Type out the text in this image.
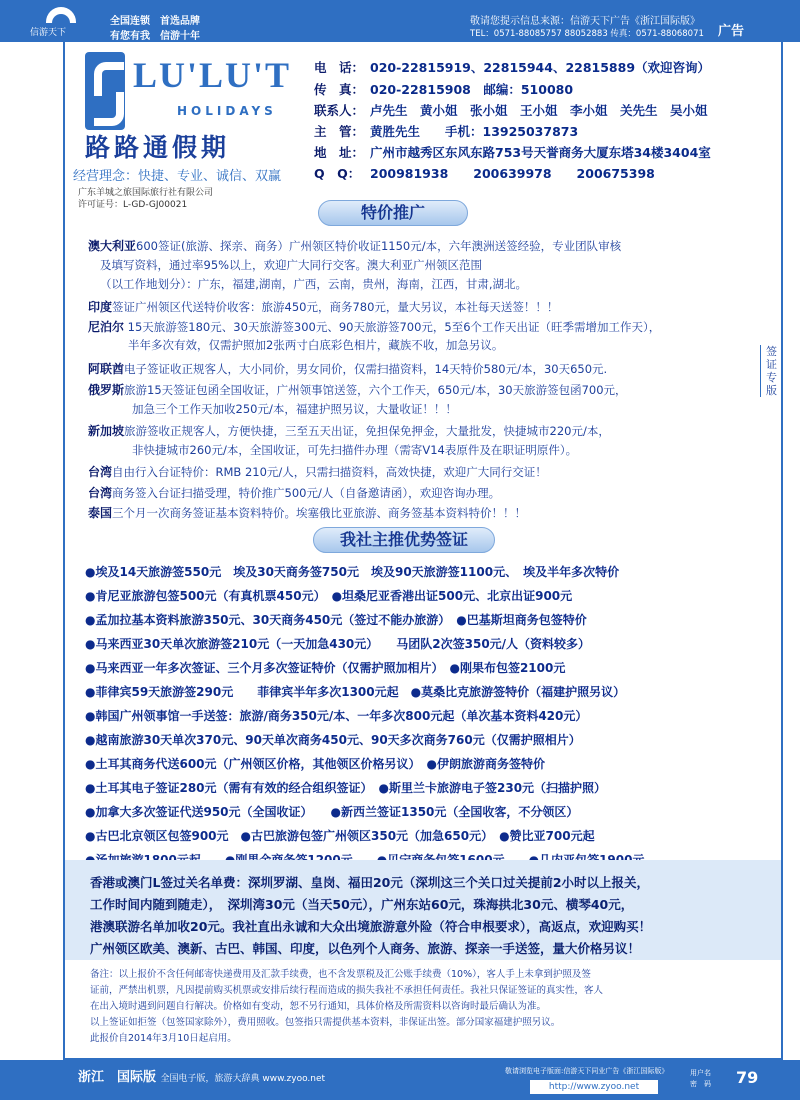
信游天下
全国连锁　首选品牌
有您有我　信游十年
敬请您提示信息来源：信游天下广告《浙江国际版》
TEL：0571-88085757 88052883 传真：0571-88068071 广告
LU'LU'T
HOLIDAYS
路路通假期
经营理念：快捷、专业、诚信、双赢
广东羊城之旅国际旅行社有限公司
许可证号：L-GD-GJ00021
电　话： 020-22815919、22815944、22815889（欢迎咨询）
传　真： 020-22815908　邮编：510080
联系人： 卢先生　黄小姐　张小姐　王小姐　李小姐　关先生　吴小姐
主　管： 黄胜先生　　手机：13925037873
地　址： 广州市越秀区东风东路753号天誉商务大厦东塔34楼3404室
Q　Q： 200981938　　200639978　　200675398
特价推广
澳大利亚600签证(旅游、探亲、商务）广州领区特价收证1150元/本，六年澳洲送签经验，专业团队审核
及填写资料，通过率95%以上，欢迎广大同行交客。澳大利亚广州领区范围
（以工作地划分）：广东，福建,湖南，广西，云南，贵州，海南，江西，甘肃,湖北。
印度签证广州领区代送特价收客：旅游450元，商务780元，量大另议，本社每天送签！！！
尼泊尔 15天旅游签180元、30天旅游签300元、90天旅游签700元，5至6个工作天出证（旺季需增加工作天），
半年多次有效，仅需护照加2张两寸白底彩色相片，藏族不收，加急另议。
阿联酋电子签证收正规客人，大小同价，男女同价，仅需扫描资料，14天特价580元/本，30天650元.
俄罗斯旅游15天签证包函全国收证，广州领事馆送签，六个工作天，650元/本，30天旅游签包函700元，
加急三个工作天加收250元/本，福建护照另议，大量收证！！！
新加坡旅游签收正规客人，方便快捷，三至五天出证，免担保免押金，大量批发，快捷城市220元/本，
非快捷城市260元/本，全国收证，可先扫描件办理（需寄V14表原件及在职证明原件）。
台湾自由行入台证特价：RMB 210元/人，只需扫描资料，高效快捷，欢迎广大同行交证！
台湾商务签入台证扫描受理，特价推广500元/人（自备邀请函），欢迎咨询办理。
泰国三个月一次商务签证基本资料特价。埃塞俄比亚旅游、商务签基本资料特价！！！
签证专版
我社主推优势签证
●埃及14天旅游签550元　埃及30天商务签750元　埃及90天旅游签1100元、　埃及半年多次特价
●肯尼亚旅游包签500元（有真机票450元）　●坦桑尼亚香港出证500元、北京出证900元
●孟加拉基本资料旅游350元、30天商务450元（签过不能办旅游）　●巴基斯坦商务包签特价
●马来西亚30天单次旅游签210元（一天加急430元）　　马团队2次签350元/人（资料较多）
●马来西亚一年多次签证、三个月多次签证特价（仅需护照加相片）　●刚果布包签2100元
●菲律宾59天旅游签290元　　菲律宾半年多次1300元起　●莫桑比克旅游签特价（福建护照另议）
●韩国广州领事馆一手送签：旅游/商务350元/本、一年多次800元起（单次基本资料420元）
●越南旅游30天单次370元、90天单次商务450元、90天多次商务760元（仅需护照相片）
●土耳其商务代送600元（广州领区价格，其他领区价格另议）　●伊朗旅游商务签特价
●土耳其电子签证280元（需有有效的经合组织签证）　●斯里兰卡旅游电子签230元（扫描护照）
●加拿大多次签证代送950元（全国收证）　　●新西兰签证1350元（全国收客，不分领区）
●古巴北京领区包签900元　●古巴旅游包签广州领区350元（加急650元）　●赞比亚700元起
香港或澳门L签过关名单费：深圳罗湖、皇岗、福田20元（深圳这三个关口过关提前2小时以上报关，
工作时间内随到随走），　深圳湾30元（当天50元），广州东站60元，珠海拱北30元、横琴40元，
港澳联游名单加收20元。我社直出永诚和大众出境旅游意外险（符合申根要求），高返点，欢迎购买！
广州领区欧美、澳新、古巴、韩国、印度，以色列个人商务、旅游、探亲一手送签，量大价格另议！
备注：以上报价不含任何邮寄快递费用及汇款手续费，也不含发票税及汇公账手续费（10%），客人手上未拿到护照及签
证前，严禁出机票，凡因提前购买机票或安排后续行程而造成的损失我社不承担任何责任。我社只保证签证的真实性，客人
在出入境时遇到问题自行解决。价格如有变动，恕不另行通知，具体价格及所需资料以咨询时最后确认为准。
以上签证如拒签（包签国家除外），费用照收。包签指只需提供基本资料，非保证出签。部分国家福建护照另议。
此报价自2014年3月10日起启用。
浙江　国际版 全国电子版，旅游大辞典 www.zyoo.net
敬请浏览电子版面:信游天下同业广告《浙江国际版》
http://www.zyoo.net
用户名
密　码 79
